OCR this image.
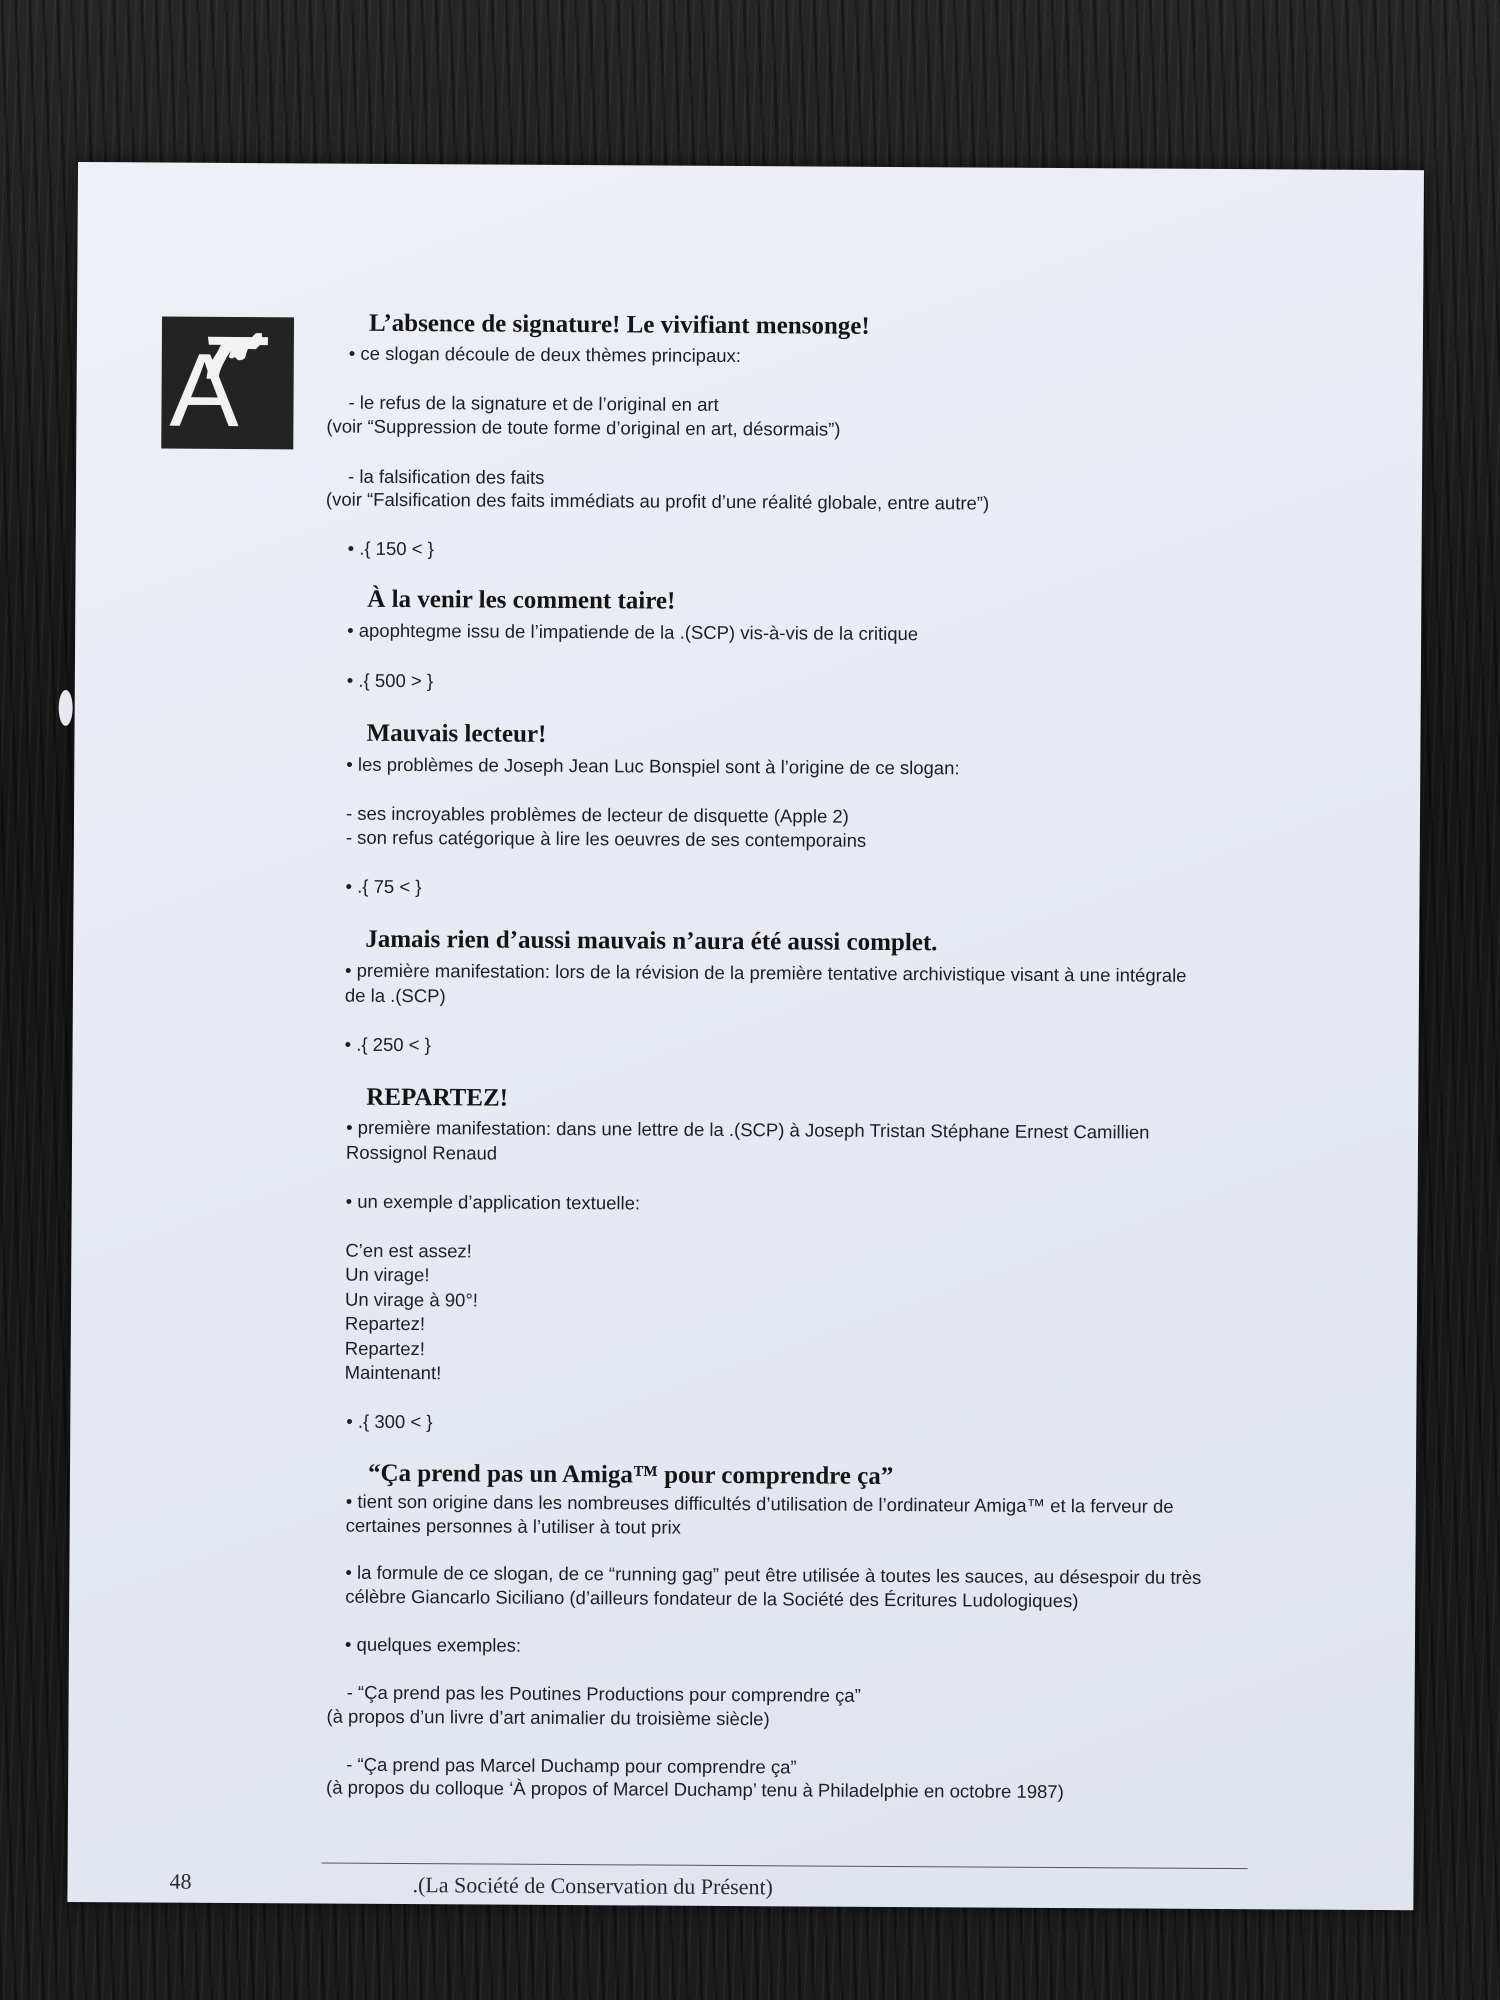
A
L’absence de signature! Le vivifiant mensonge!
• ce slogan découle de deux thèmes principaux:
- le refus de la signature et de l’original en art
(voir “Suppression de toute forme d’original en art, désormais”)
- la falsification des faits
(voir “Falsification des faits immédiats au profit d’une réalité globale, entre autre”)
• .{ 150 < }
À la venir les comment taire!
• apophtegme issu de l’impatiende de la .(SCP) vis-à-vis de la critique
• .{ 500 > }
Mauvais lecteur!
• les problèmes de Joseph Jean Luc Bonspiel sont à l’origine de ce slogan:
- ses incroyables problèmes de lecteur de disquette (Apple 2)
- son refus catégorique à lire les oeuvres de ses contemporains
• .{ 75 < }
Jamais rien d’aussi mauvais n’aura été aussi complet.
• première manifestation: lors de la révision de la première tentative archivistique visant à une intégrale
de la .(SCP)
• .{ 250 < }
REPARTEZ!
• première manifestation: dans une lettre de la .(SCP) à Joseph Tristan Stéphane Ernest Camillien
Rossignol Renaud
• un exemple d’application textuelle:
C’en est assez!
Un virage!
Un virage à 90°!
Repartez!
Repartez!
Maintenant!
• .{ 300 < }
“Ça prend pas un Amiga™ pour comprendre ça”
• tient son origine dans les nombreuses difficultés d’utilisation de l’ordinateur Amiga™ et la ferveur de
certaines personnes à l’utiliser à tout prix
• la formule de ce slogan, de ce “running gag” peut être utilisée à toutes les sauces, au désespoir du très
célèbre Giancarlo Siciliano (d’ailleurs fondateur de la Société des Écritures Ludologiques)
• quelques exemples:
- “Ça prend pas les Poutines Productions pour comprendre ça”
(à propos d’un livre d’art animalier du troisième siècle)
- “Ça prend pas Marcel Duchamp pour comprendre ça”
(à propos du colloque ‘À propos of Marcel Duchamp’ tenu à Philadelphie en octobre 1987)
48	.(La Société de Conservation du Présent)
